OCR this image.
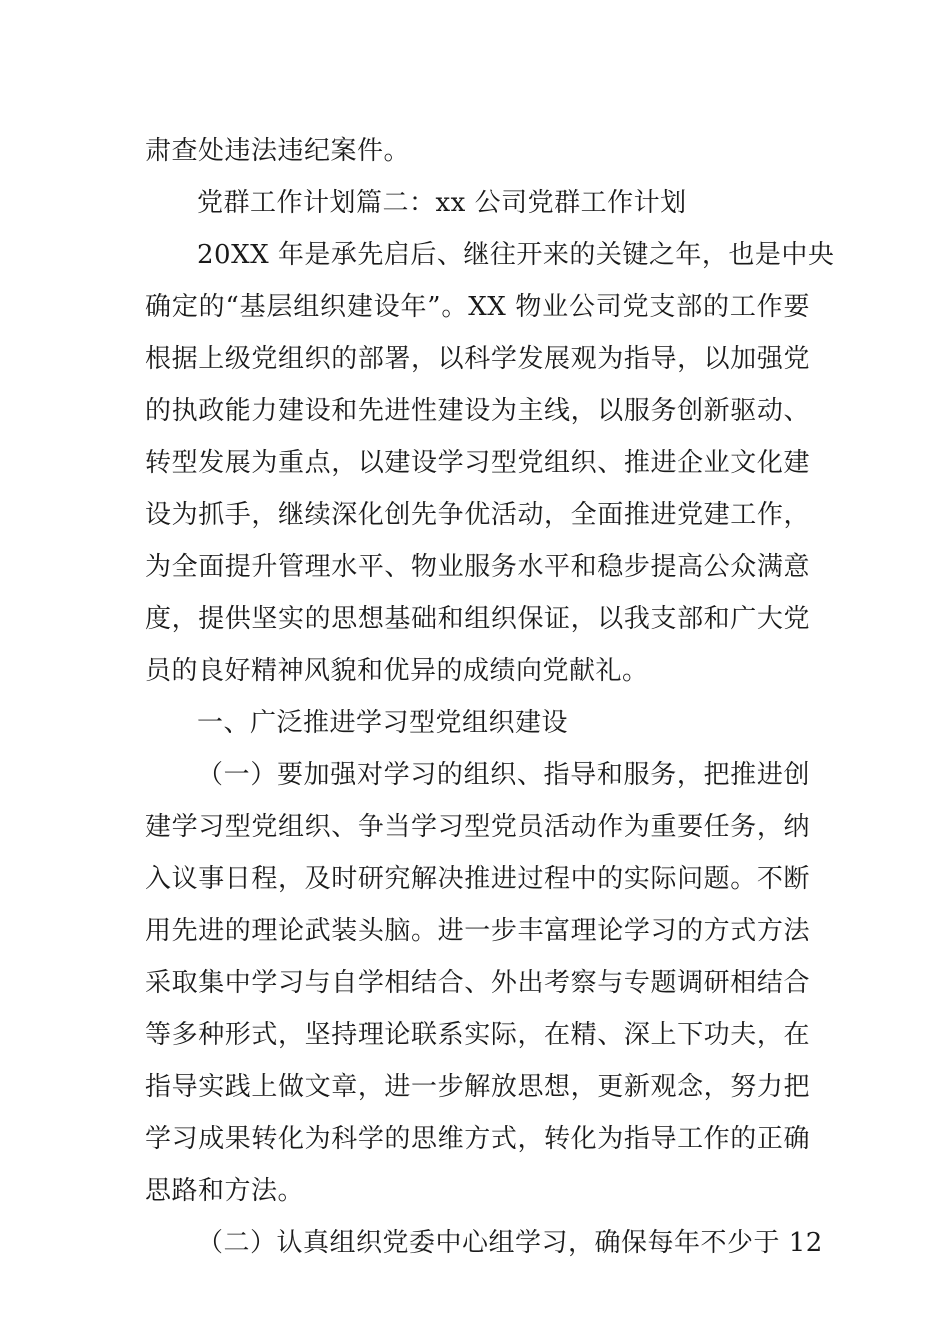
肃查处违法违纪案件。
党群工作计划篇二：xx 公司党群工作计划
20XX 年是承先启后、继往开来的关键之年，也是中央
确定的“基层组织建设年”。XX 物业公司党支部的工作要
根据上级党组织的部署，以科学发展观为指导，以加强党
的执政能力建设和先进性建设为主线，以服务创新驱动、
转型发展为重点，以建设学习型党组织、推进企业文化建
设为抓手，继续深化创先争优活动，全面推进党建工作，
为全面提升管理水平、物业服务水平和稳步提高公众满意
度，提供坚实的思想基础和组织保证，以我支部和广大党
员的良好精神风貌和优异的成绩向党献礼。
一、广泛推进学习型党组织建设
（一）要加强对学习的组织、指导和服务，把推进创
建学习型党组织、争当学习型党员活动作为重要任务，纳
入议事日程，及时研究解决推进过程中的实际问题。不断
用先进的理论武装头脑。进一步丰富理论学习的方式方法
采取集中学习与自学相结合、外出考察与专题调研相结合
等多种形式，坚持理论联系实际，在精、深上下功夫，在
指导实践上做文章，进一步解放思想，更新观念，努力把
学习成果转化为科学的思维方式，转化为指导工作的正确
思路和方法。
（二）认真组织党委中心组学习，确保每年不少于 12
